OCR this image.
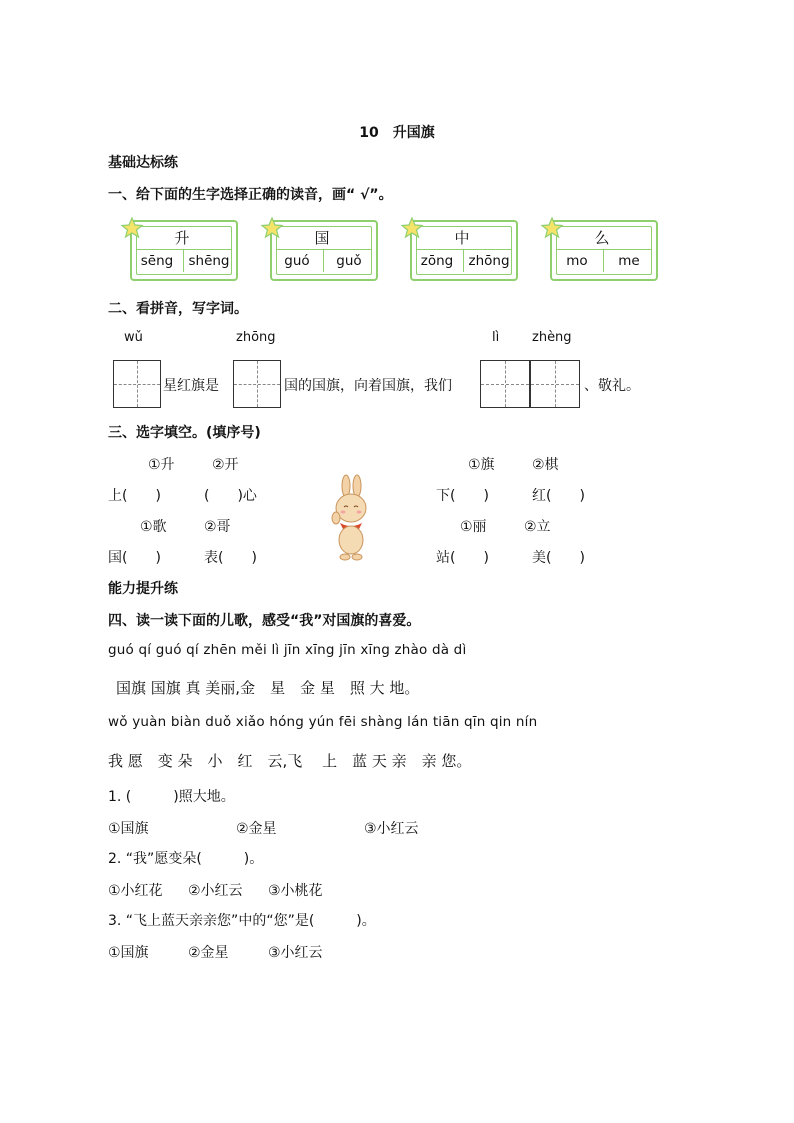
10　升国旗
基础达标练
一、给下面的生字选择正确的读音，画“ √”。
升
sēng	shēng
国
guó	guǒ
中
zōng	zhōng
么
mo	me
二、看拼音，写字词。
wǔ	zhōng	lì	zhèng
星红旗是	国的国旗，向着国旗，我们	、敬礼。
三、选字填空。(填序号)
①升	②开
上(　　)	(　　)心
①旗	②棋
下(　　)	红(　　)
①歌	②哥
国(　　)	表(　　)
①丽	②立
站(　　)	美(　　)
能力提升练
四、读一读下面的儿歌，感受“我”对国旗的喜爱。
guó qí guó qí zhēn měi lì jīn xīng jīn xīng zhào dà dì
国旗 国旗 真 美丽,金　星　金 星　照 大 地。
wǒ yuàn biàn duǒ xiǎo hóng yún fēi shàng lán tiān qīn qin nín
我 愿　变 朵　小　红　云,飞　 上　蓝 天 亲　亲 您。
1. (　　　)照大地。
①国旗	②金星	③小红云
2. “我”愿变朵(　　　)。
①小红花 ②小红云 ③小桃花
3. “飞上蓝天亲亲您”中的“您”是(　　　)。
①国旗	②金星	③小红云
